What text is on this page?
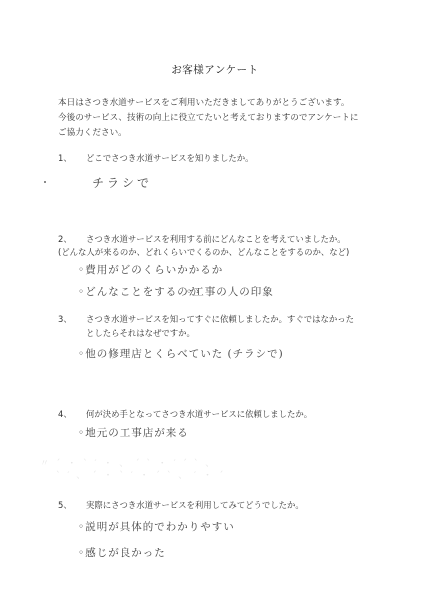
お客様アンケート
本日はさつき水道サービスをご利用いただきましてありがとうございます。
今後のサービス、技術の向上に役立てたいと考えておりますのでアンケートに
ご協力ください。
1、	どこでさつき水道サービスを知りましたか。
チラシで
2、	さつき水道サービスを利用する前にどんなことを考えていましたか。
(どんな人が来るのか、どれくらいでくるのか、どんなことをするのか、など)
◦費用がどのくらいかかるか
◦どんなことをするのか
◦工事の人の印象
3、	さつき水道サービスを知ってすぐに依頼しましたか。すぐではなかった
としたらそれはなぜですか。
◦他の修理店とくらべていた (チラシで)
4、	何が決め手となってさつき水道サービスに依頼しましたか。
◦地元の工事店が来る
〃 ´ ・ ` ′ ・ 、 ´ ` ・ ′ ´ ` 、
` ′ 、 ´ ・ ` ′ ・ ´ ` 、 ′ ・ ´
5、	実際にさつき水道サービスを利用してみてどうでしたか。
◦説明が具体的でわかりやすい
◦感じが良かった
